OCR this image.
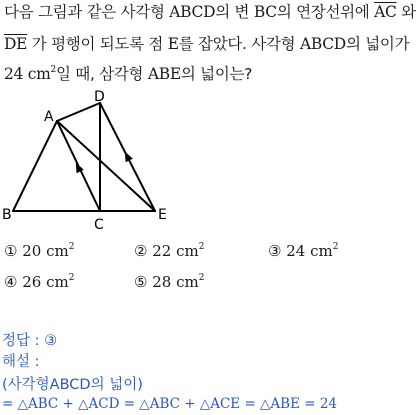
다음 그림과 같은 사각형 ABCD의 변 BC의 연장선위에 $\overline{AC}$ 와
$\overline{DE}$ 가 평행이 되도록 점 E를 잡았다. 사각형 ABCD의 넓이가
24 $cm^2$일 때, 삼각형 ABE의 넓이는?
A
D
B
C
E
① 20 $cm^2$	② 22 $cm^2$	③ 24 $cm^2$
④ 26 $cm^2$	⑤ 28 $cm^2$
정답 : ③
해설 :
(사각형ABCD의 넓이)
= △ABC + △ACD = △ABC + △ACE = △ABE = 24
